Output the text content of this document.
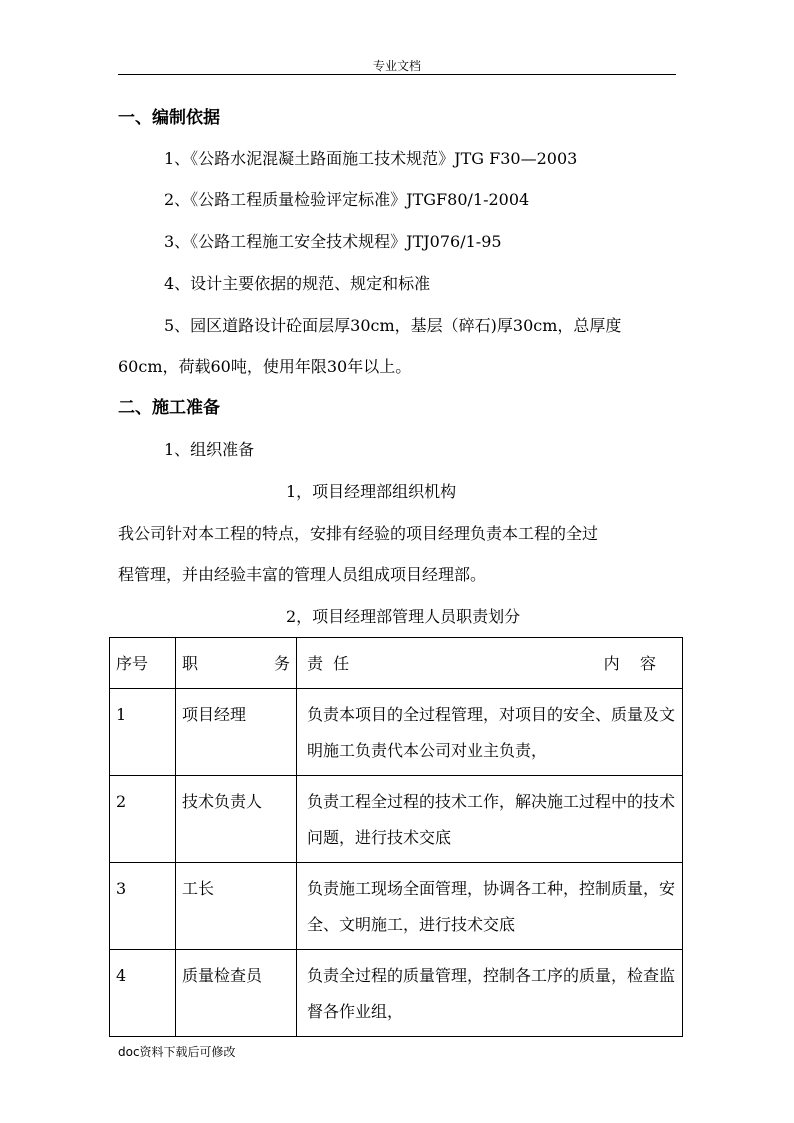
专业文档
一、编制依据
1、《公路水泥混凝土路面施工技术规范》JTG F30—2003
2、《公路工程质量检验评定标准》JTGF80/1-2004
3、《公路工程施工安全技术规程》JTJ076/1-95
4、设计主要依据的规范、规定和标准
5、园区道路设计砼面层厚30cm，基层（碎石)厚30cm，总厚度
60cm，荷载60吨，使用年限30年以上。
二、施工准备
1、组织准备
1，项目经理部组织机构
我公司针对本工程的特点，安排有经验的项目经理负责本工程的全过
程管理，并由经验丰富的管理人员组成项目经理部。
2，项目经理部管理人员职责划分
序号	职 务	责  任 内    容

1	项目经理	负责本项目的全过程管理，对项目的安全、质量及文明施工负责代本公司对业主负责，
2	技术负责人	负责工程全过程的技术工作，解决施工过程中的技术问题，进行技术交底
3	工长	负责施工现场全面管理，协调各工种，控制质量，安全、文明施工，进行技术交底
4	质量检查员	负责全过程的质量管理，控制各工序的质量，检查监督各作业组，
doc资料下载后可修改
